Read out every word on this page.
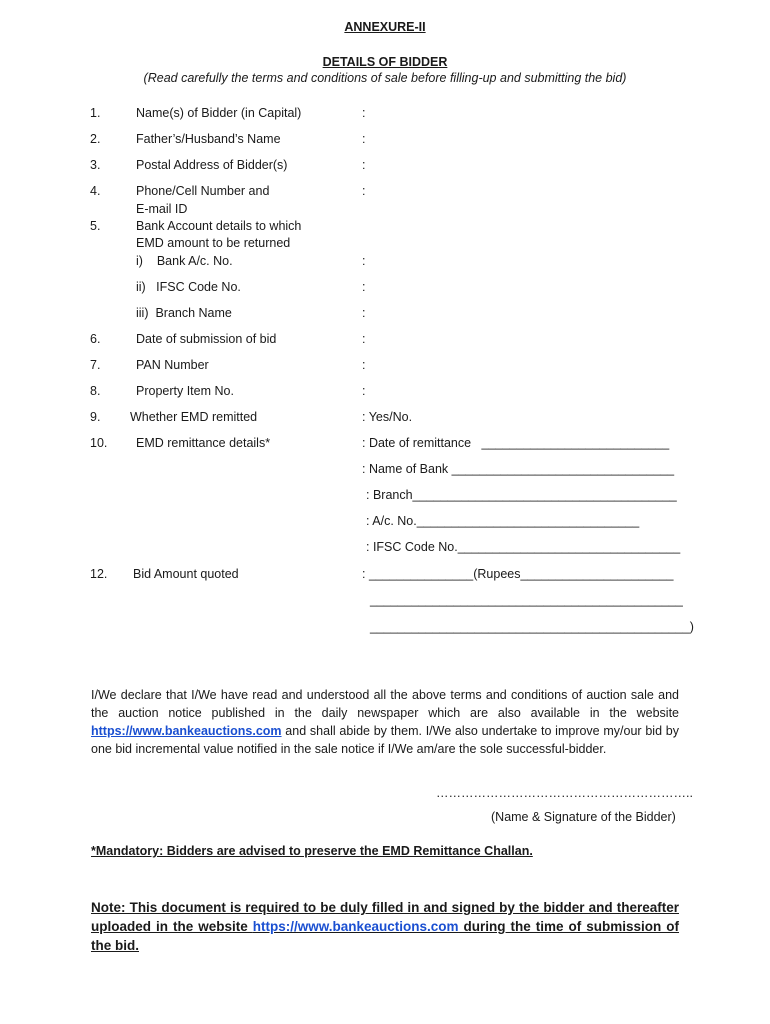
ANNEXURE-II
DETAILS OF BIDDER
(Read carefully the terms and conditions of sale before filling-up and submitting the bid)
1.	Name(s) of Bidder (in Capital)	:
2.	Father’s/Husband’s Name	:
3.	Postal Address of Bidder(s)	:
4.	Phone/Cell Number and	:
E-mail ID
5.	Bank Account details to which
EMD amount to be returned
i)    Bank A/c. No.	:
ii)   IFSC Code No.	:
iii)  Branch Name	:
6.	Date of submission of bid	:
7.	PAN Number	:
8.	Property Item No.	:
9. Whether EMD remitted	: Yes/No.
10. EMD remittance details*	: Date of remittance   ___________________________
: Name of Bank ________________________________
: Branch______________________________________
: A/c. No.________________________________
: IFSC Code No.________________________________
12. Bid Amount quoted	: _______________(Rupees______________________
_____________________________________________
______________________________________________)
I/We declare that I/We have read and understood all the above terms and conditions of auction sale and the auction notice published in the daily newspaper which are also available in the website https://www.bankeauctions.com and shall abide by them. I/We also undertake to improve my/our bid by one bid incremental value notified in the sale notice if I/We am/are the sole successful-bidder.
……………………………………………………..
(Name & Signature of the Bidder)
*Mandatory: Bidders are advised to preserve the EMD Remittance Challan.
Note: This document is required to be duly filled in and signed by the bidder and thereafter uploaded in the website https://www.bankeauctions.com during the time of submission of the bid.
